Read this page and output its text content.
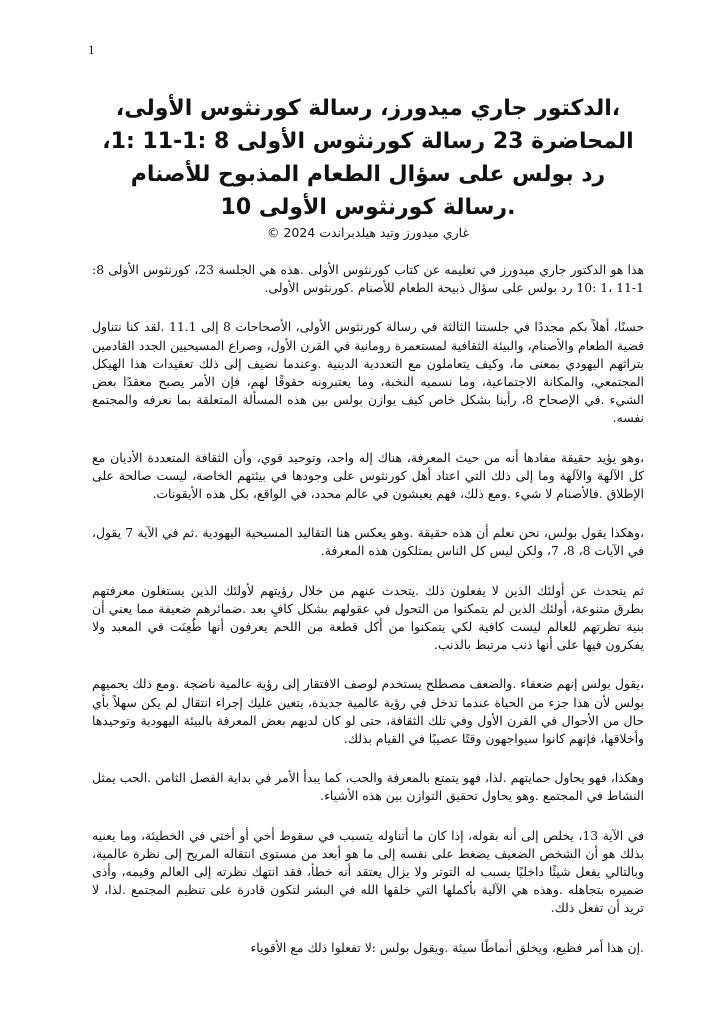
1
،الدكتور جاري ميدورز، رسالة كورنثوس الأولى، المحاضرة 23 رسالة كورنثوس الأولى 8 :1-11 :1، رد بولس على سؤال الطعام المذبوح للأصنام .رسالة كورنثوس الأولى 10
غاري ميدورز وتيد هيلدبراندت 2024 ©

هذا هو الدكتور جاري ميدورز في تعليمه عن كتاب كورنثوس الأولى .هذه هي الجلسة 23، كورنثوس الأولى 8: 1-11 ،1 :10 رد بولس على سؤال ذبيحة الطعام للأصنام .كورنثوس الأولى.

حسنًا، أهلاً بكم مجددًا في جلستنا الثالثة في رسالة كورنثوس الأولى، الأصحاحات 8 إلى 11.1 .لقد كنا نتناول قضية الطعام والأصنام، والبيئة الثقافية لمستعمرة رومانية في القرن الأول، وصراع المسيحيين الجدد القادمين بتراثهم اليهودي بمعنى ما، وكيف يتعاملون مع التعددية الدينية .وعندما نضيف إلى ذلك تعقيدات هذا الهيكل المجتمعي، والمكانة الاجتماعية، وما نسميه النخبة، وما يعتبرونه حقوقًا لهم، فإن الأمر يصبح معقدًا بعض الشيء .في الإصحاح 8، رأينا بشكل خاص كيف يوازن بولس بين هذه المسألة المتعلقة بما نعرفه والمجتمع نفسه.

،وهو يؤيد حقيقة مفادها أنه من حيث المعرفة، هناك إله واحد، وتوحيد قوي، وأن الثقافة المتعددة الأديان مع كل الآلهة والآلهة وما إلى ذلك التي اعتاد أهل كورنثوس على وجودها في بيئتهم الخاصة، ليست صالحة على الإطلاق .فالأصنام لا شيء .ومع ذلك، فهم يعيشون في عالم محدد، في الواقع، بكل هذه الأيقونات.

،وهكذا يقول بولس، نحن نعلم أن هذه حقيقة .وهو يعكس هنا التقاليد المسيحية اليهودية .ثم في الآية 7 يقول، في الآيات 8، 8، 7، ولكن ليس كل الناس يمتلكون هذه المعرفة.

ثم يتحدث عن أولئك الذين لا يفعلون ذلك .يتحدث عنهم من خلال رؤيتهم لأولئك الذين يستغلون معرفتهم بطرق متنوعة، أولئك الذين لم يتمكنوا من التحول في عقولهم بشكل كافٍ بعد .ضمائرهم ضعيفة مما يعني أن بنية نظرتهم للعالم ليست كافية لكي يتمكنوا من أكل قطعة من اللحم يعرفون أنها طُعِنَت في المعبد ولا يفكرون فيها على أنها ذنب مرتبط بالذنب.

،يقول بولس إنهم ضعفاء .والضعف مصطلح يستخدم لوصف الافتقار إلى رؤية عالمية ناضجة .ومع ذلك يحميهم بولس لأن هذا جزء من الحياة عندما تدخل في رؤية عالمية جديدة، يتعين عليك إجراء انتقال لم يكن سهلاً بأي حال من الأحوال في القرن الأول وفي تلك الثقافة، حتى لو كان لديهم بعض المعرفة بالبيئة اليهودية وتوحيدها وأخلاقها، فإنهم كانوا سيواجهون وقتًا عصيبًا في القيام بذلك.

وهكذا، فهو يحاول حمايتهم .لذا، فهو يتمتع بالمعرفة والحب، كما يبدأ الأمر في بداية الفصل الثامن .الحب يمثل النشاط في المجتمع .وهو يحاول تحقيق التوازن بين هذه الأشياء.

في الآية 13، يخلص إلى أنه بقوله، إذا كان ما أتناوله يتسبب في سقوط أخي أو أختي في الخطيئة، وما يعنيه بذلك هو أن الشخص الضعيف يضغط على نفسه إلى ما هو أبعد من مستوى انتقاله المريح إلى نظرة عالمية، وبالتالي يفعل شيئًا داخليًا يسبب له التوتر ولا يزال يعتقد أنه خطأ، فقد انتهك نظرته إلى العالم وقيمه، وأذى ضميره بتجاهله .وهذه هي الآلية بأكملها التي خلقها الله في البشر لتكون قادرة على تنظيم المجتمع .لذا، لا تريد أن تفعل ذلك.

.إن هذا أمر فظيع، ويخلق أنماطًا سيئة .ويقول بولس :لا تفعلوا ذلك مع الأقوياء
